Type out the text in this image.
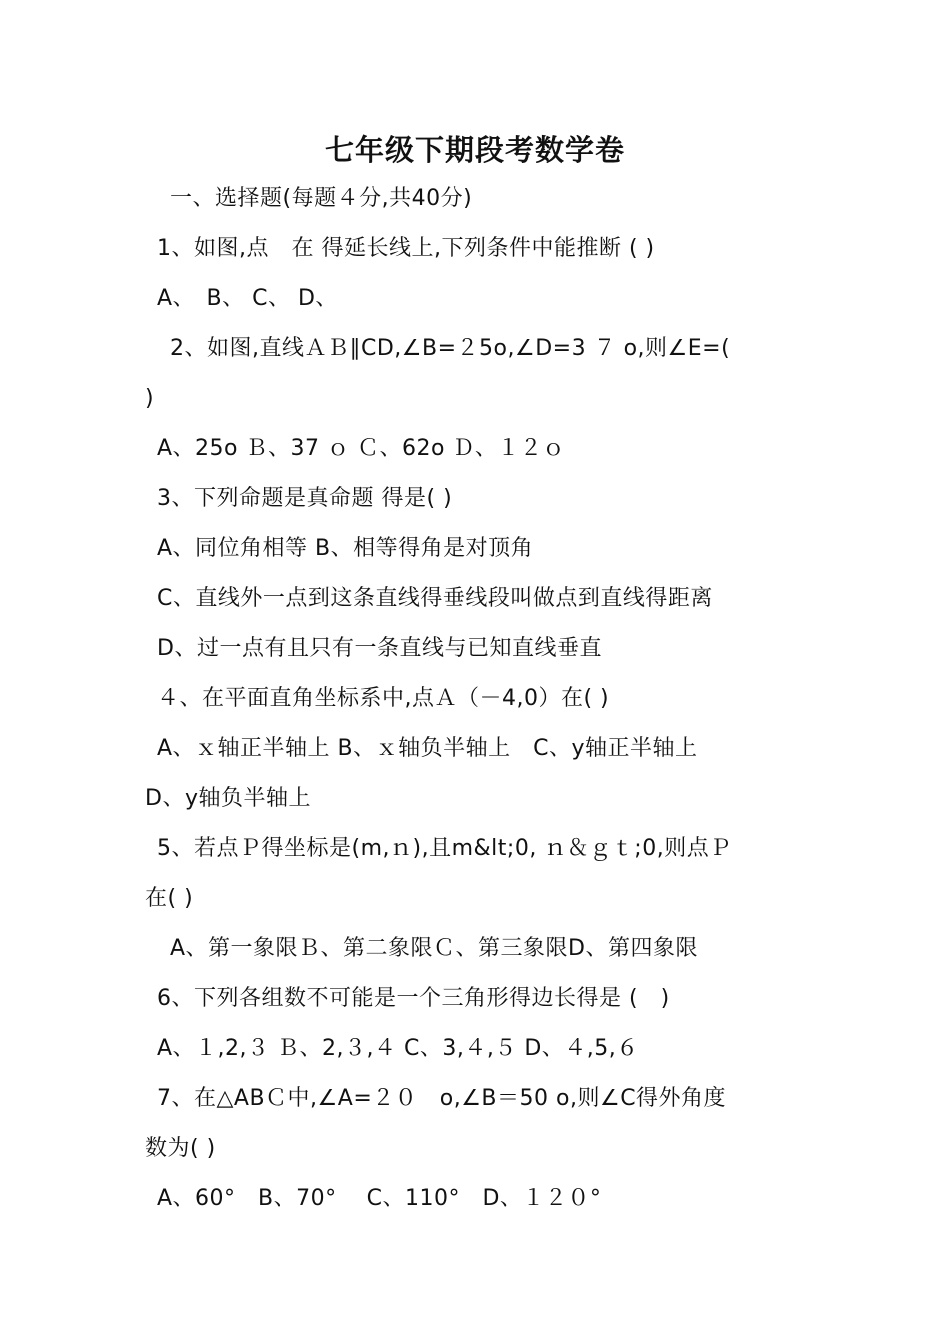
七年级下期段考数学卷
一、选择题(每题４分,共40分)
1、如图,点　在 得延长线上,下列条件中能推断 ( )
A、　B、 C、 D、
2、如图,直线ＡＢ∥CD,∠B=２5o,∠D=3 ７ o,则∠E=(
)
A、25o Ｂ、37 ｏ Ｃ、62o Ｄ、１２ｏ
3、下列命题是真命题 得是( )
A、同位角相等 B、相等得角是对顶角
C、直线外一点到这条直线得垂线段叫做点到直线得距离
D、过一点有且只有一条直线与已知直线垂直
４、在平面直角坐标系中,点Ａ（－4,0）在( )
A、ｘ轴正半轴上 B、ｘ轴负半轴上　C、y轴正半轴上
D、y轴负半轴上
5、若点Ｐ得坐标是(m,ｎ),且m&lt;0, ｎ＆ｇｔ;0,则点Ｐ
在( )
A、第一象限Ｂ、第二象限Ｃ、第三象限D、第四象限
6、下列各组数不可能是一个三角形得边长得是 (　)
A、１,2,３ Ｂ、2,３,４ C、3,４,５ D、４,5,６
7、在△ABＣ中,∠A=２０　o,∠B＝50 o,则∠C得外角度
数为( )
A、60°　B、70°　 C、110°　D、１２０°
